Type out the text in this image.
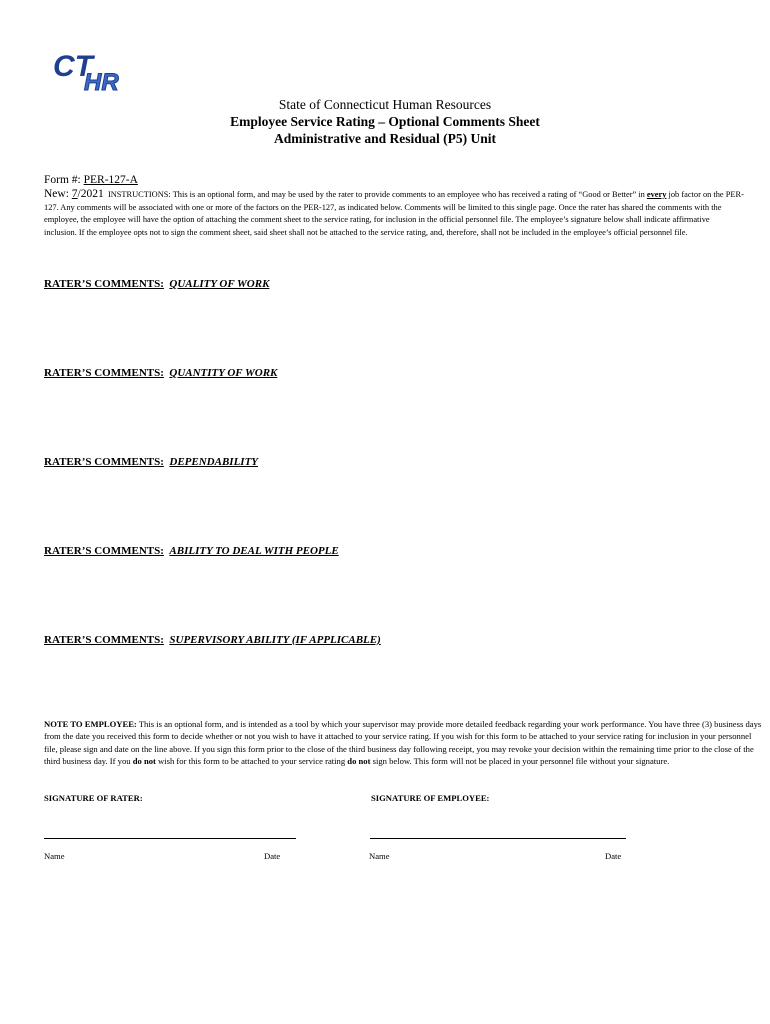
CT
HR
State of Connecticut Human Resources
Employee Service Rating – Optional Comments Sheet
Administrative and Residual (P5) Unit
Form #: PER-127-A
New: 7/2021 INSTRUCTIONS: This is an optional form, and may be used by the rater to provide comments to an employee who has received a rating of “Good or Better” in every job factor on the PER-127. Any comments will be associated with one or more of the factors on the PER-127, as indicated below. Comments will be limited to this single page. Once the rater has shared the comments with the employee, the employee will have the option of attaching the comment sheet to the service rating, for inclusion in the official personnel file. The employee’s signature below shall indicate affirmative inclusion. If the employee opts not to sign the comment sheet, said sheet shall not be attached to the service rating, and, therefore, shall not be included in the employee’s official personnel file.
RATER’S COMMENTS: QUALITY OF WORK
RATER’S COMMENTS: QUANTITY OF WORK
RATER’S COMMENTS: DEPENDABILITY
RATER’S COMMENTS: ABILITY TO DEAL WITH PEOPLE
RATER’S COMMENTS: SUPERVISORY ABILITY (IF APPLICABLE)
NOTE TO EMPLOYEE: This is an optional form, and is intended as a tool by which your supervisor may provide more detailed feedback regarding your work performance. You have three (3) business days from the date you received this form to decide whether or not you wish to have it attached to your service rating. If you wish for this form to be attached to your service rating for inclusion in your personnel file, please sign and date on the line above. If you sign this form prior to the close of the third business day following receipt, you may revoke your decision within the remaining time prior to the close of the third business day. If you do not wish for this form to be attached to your service rating do not sign below. This form will not be placed in your personnel file without your signature.
SIGNATURE OF RATER:	SIGNATURE OF EMPLOYEE:
Name	Date	Name	Date
